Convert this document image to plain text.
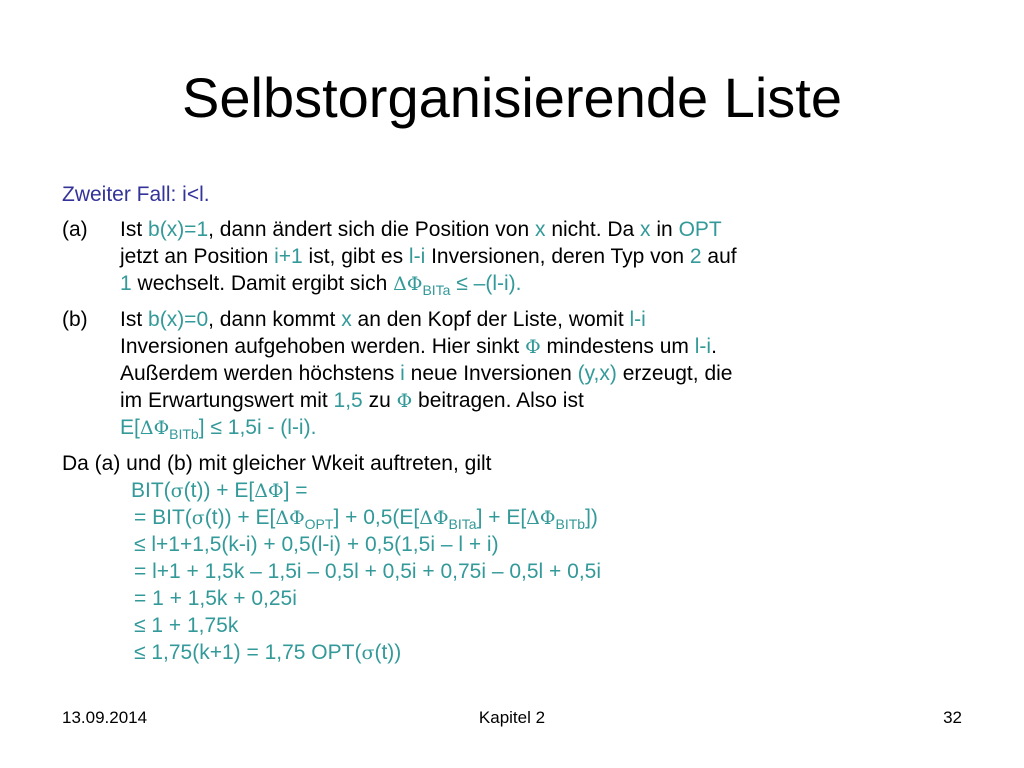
Selbstorganisierende Liste
Zweiter Fall: i<l.
(a) Ist b(x)=1, dann ändert sich die Position von x nicht. Da x in OPT
jetzt an Position i+1 ist, gibt es l-i Inversionen, deren Typ von 2 auf
1 wechselt. Damit ergibt sich $\Delta\Phi_{BITa} \le -(l-i)$.
(b) Ist b(x)=0, dann kommt x an den Kopf der Liste, womit l-i
Inversionen aufgehoben werden. Hier sinkt Φ mindestens um l-i.
Außerdem werden höchstens i neue Inversionen (y,x) erzeugt, die
im Erwartungswert mit 1,5 zu Φ beitragen. Also ist
$E[\Delta\Phi_{BITb}] \le 1,5i - (l-i)$.
Da (a) und (b) mit gleicher Wkeit auftreten, gilt
BIT(σ(t)) + E[ΔΦ] =
= $BIT(\sigma(t)) + E[\Delta\Phi_{OPT}] + 0,5(E[\Delta\Phi_{BITa}] + E[\Delta\Phi_{BITb}])$
≤ l+1+1,5(k-i) + 0,5(l-i) + 0,5(1,5i – l + i)
= l+1 + 1,5k – 1,5i – 0,5l + 0,5i + 0,75i – 0,5l + 0,5i
= 1 + 1,5k + 0,25i
≤ 1 + 1,75k
≤ 1,75(k+1) = 1,75 OPT(σ(t))
13.09.2014	Kapitel 2	32
